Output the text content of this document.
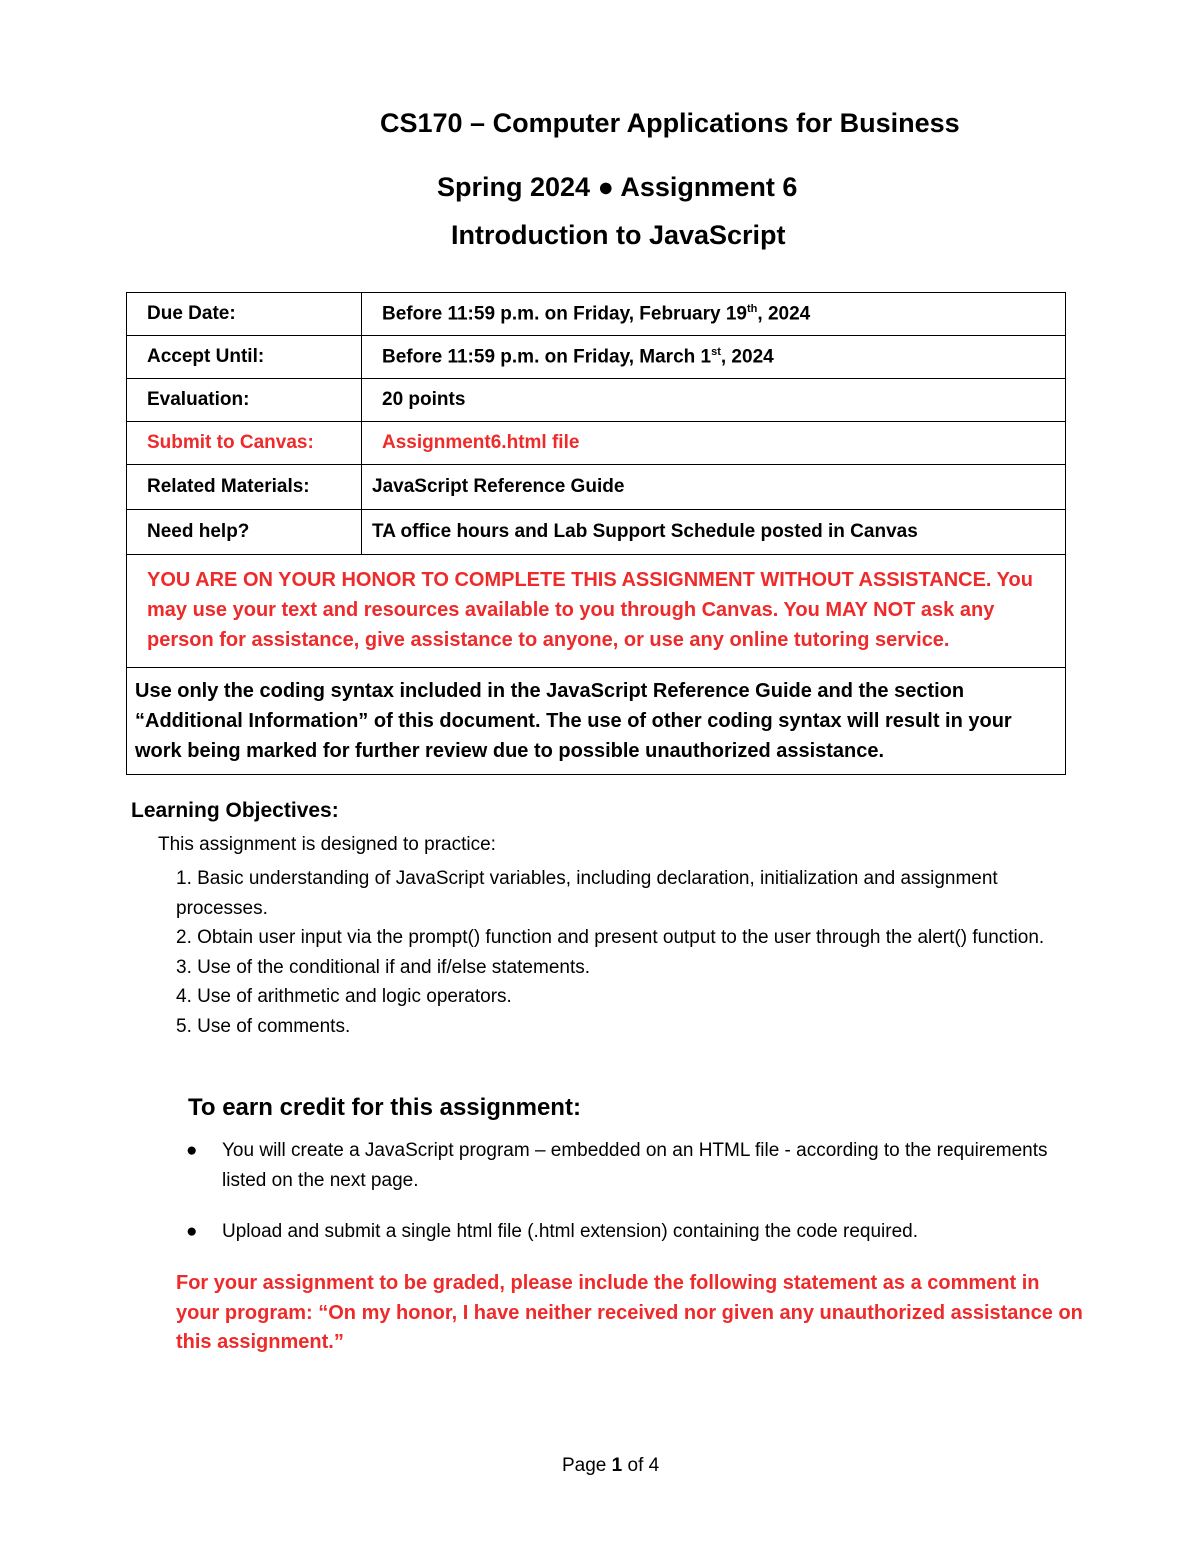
CS170 – Computer Applications for Business
Spring 2024 ● Assignment 6
Introduction to JavaScript
Due Date:	Before 11:59 p.m. on Friday, February 19th, 2024
Accept Until:	Before 11:59 p.m. on Friday, March 1st, 2024
Evaluation:	20 points
Submit to Canvas:	Assignment6.html file
Related Materials:	JavaScript Reference Guide
Need help?	TA office hours and Lab Support Schedule posted in Canvas
YOU ARE ON YOUR HONOR TO COMPLETE THIS ASSIGNMENT WITHOUT ASSISTANCE. You may use your text and resources available to you through Canvas. You MAY NOT ask any person for assistance, give assistance to anyone, or use any online tutoring service.	
Use only the coding syntax included in the JavaScript Reference Guide and the section “Additional Information” of this document. The use of other coding syntax will result in your work being marked for further review due to possible unauthorized assistance.	
Learning Objectives:
This assignment is designed to practice:
1. Basic understanding of JavaScript variables, including declaration, initialization and assignment processes.
2. Obtain user input via the prompt() function and present output to the user through the alert() function.
3. Use of the conditional if and if/else statements.
4. Use of arithmetic and logic operators.
5. Use of comments.
To earn credit for this assignment:
● You will create a JavaScript program – embedded on an HTML file - according to the requirements listed on the next page.
● Upload and submit a single html file (.html extension) containing the code required.
For your assignment to be graded, please include the following statement as a comment in your program: “On my honor, I have neither received nor given any unauthorized assistance on this assignment.”
Page 1 of 4
